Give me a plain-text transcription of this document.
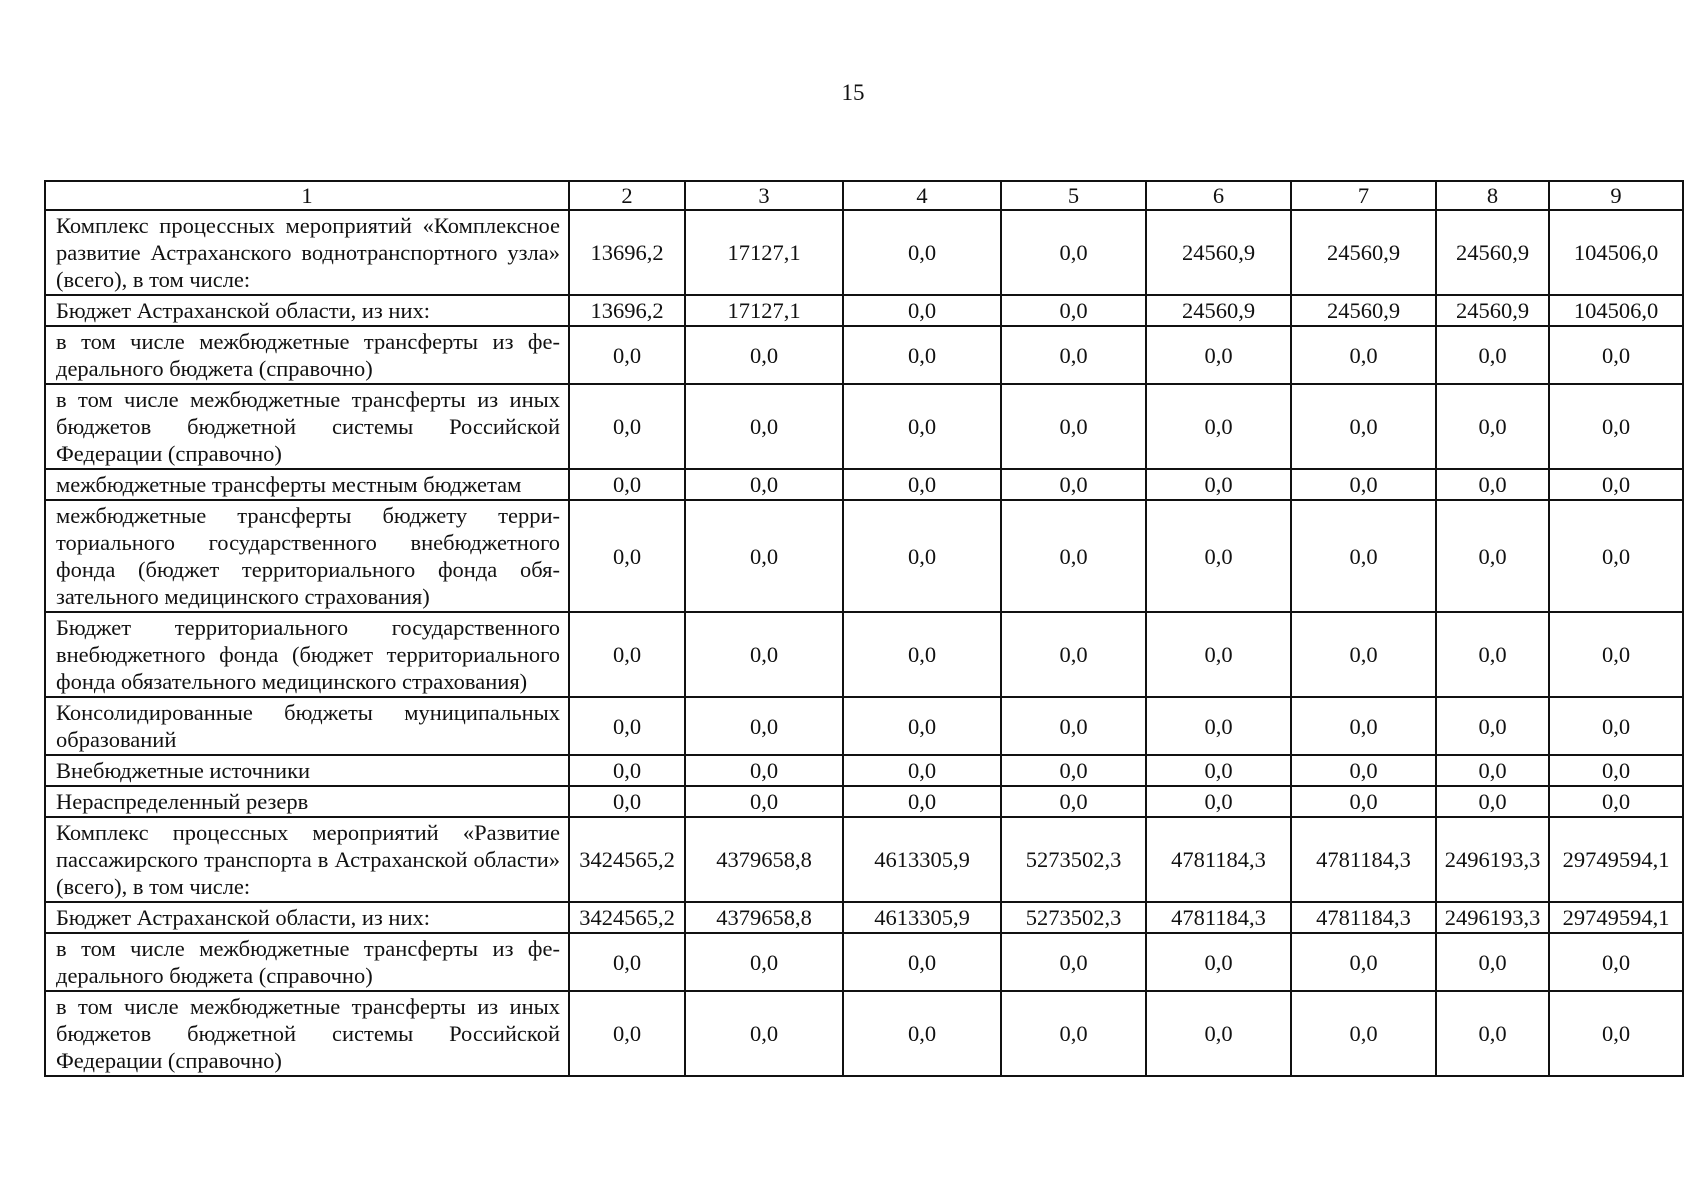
15
1	2	3	4	5	6	7	8	9
Комплекс процессных мероприятий «Комплексное развитие Астраханского воднотранспортного узла» (всего), в том числе:	13696,2	17127,1	0,0	0,0	24560,9	24560,9	24560,9	104506,0
Бюджет Астраханской области, из них:	13696,2	17127,1	0,0	0,0	24560,9	24560,9	24560,9	104506,0
в том числе межбюджетные трансферты из федерального бюджета (справочно)	0,0	0,0	0,0	0,0	0,0	0,0	0,0	0,0
в том числе межбюджетные трансферты из иных бюджетов бюджетной системы Российской Федерации (справочно)	0,0	0,0	0,0	0,0	0,0	0,0	0,0	0,0
межбюджетные трансферты местным бюджетам	0,0	0,0	0,0	0,0	0,0	0,0	0,0	0,0
межбюджетные трансферты бюджету территориального государственного внебюджетного фонда (бюджет территориального фонда обязательного медицинского страхования)	0,0	0,0	0,0	0,0	0,0	0,0	0,0	0,0
Бюджет территориального государственного внебюджетного фонда (бюджет территориального фонда обязательного медицинского страхования)	0,0	0,0	0,0	0,0	0,0	0,0	0,0	0,0
Консолидированные бюджеты муниципальных образований	0,0	0,0	0,0	0,0	0,0	0,0	0,0	0,0
Внебюджетные источники	0,0	0,0	0,0	0,0	0,0	0,0	0,0	0,0
Нераспределенный резерв	0,0	0,0	0,0	0,0	0,0	0,0	0,0	0,0
Комплекс процессных мероприятий «Развитие пассажирского транспорта в Астраханской области» (всего), в том числе:	3424565,2	4379658,8	4613305,9	5273502,3	4781184,3	4781184,3	2496193,3	29749594,1
Бюджет Астраханской области, из них:	3424565,2	4379658,8	4613305,9	5273502,3	4781184,3	4781184,3	2496193,3	29749594,1
в том числе межбюджетные трансферты из федерального бюджета (справочно)	0,0	0,0	0,0	0,0	0,0	0,0	0,0	0,0
в том числе межбюджетные трансферты из иных бюджетов бюджетной системы Российской Федерации (справочно)	0,0	0,0	0,0	0,0	0,0	0,0	0,0	0,0
